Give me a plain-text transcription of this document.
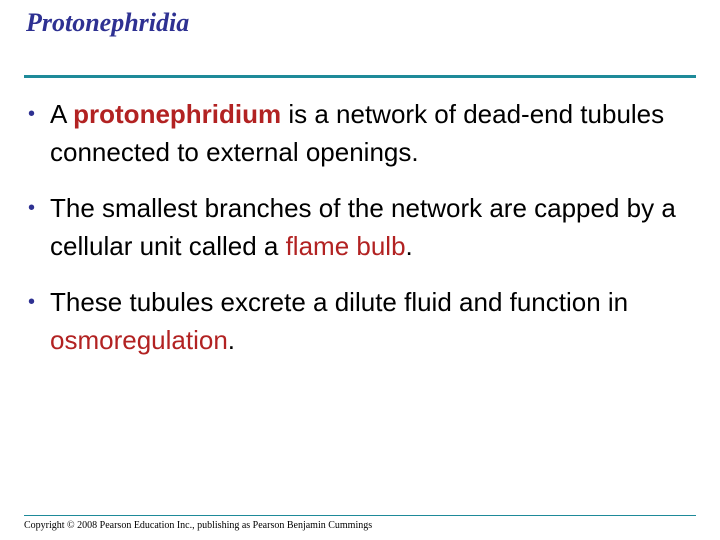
Protonephridia
• A protonephridium is a network of dead-end tubules connected to external openings.
• The smallest branches of the network are capped by a cellular unit called a flame bulb.
• These tubules excrete a dilute fluid and function in osmoregulation.
Copyright © 2008 Pearson Education Inc., publishing as Pearson Benjamin Cummings
